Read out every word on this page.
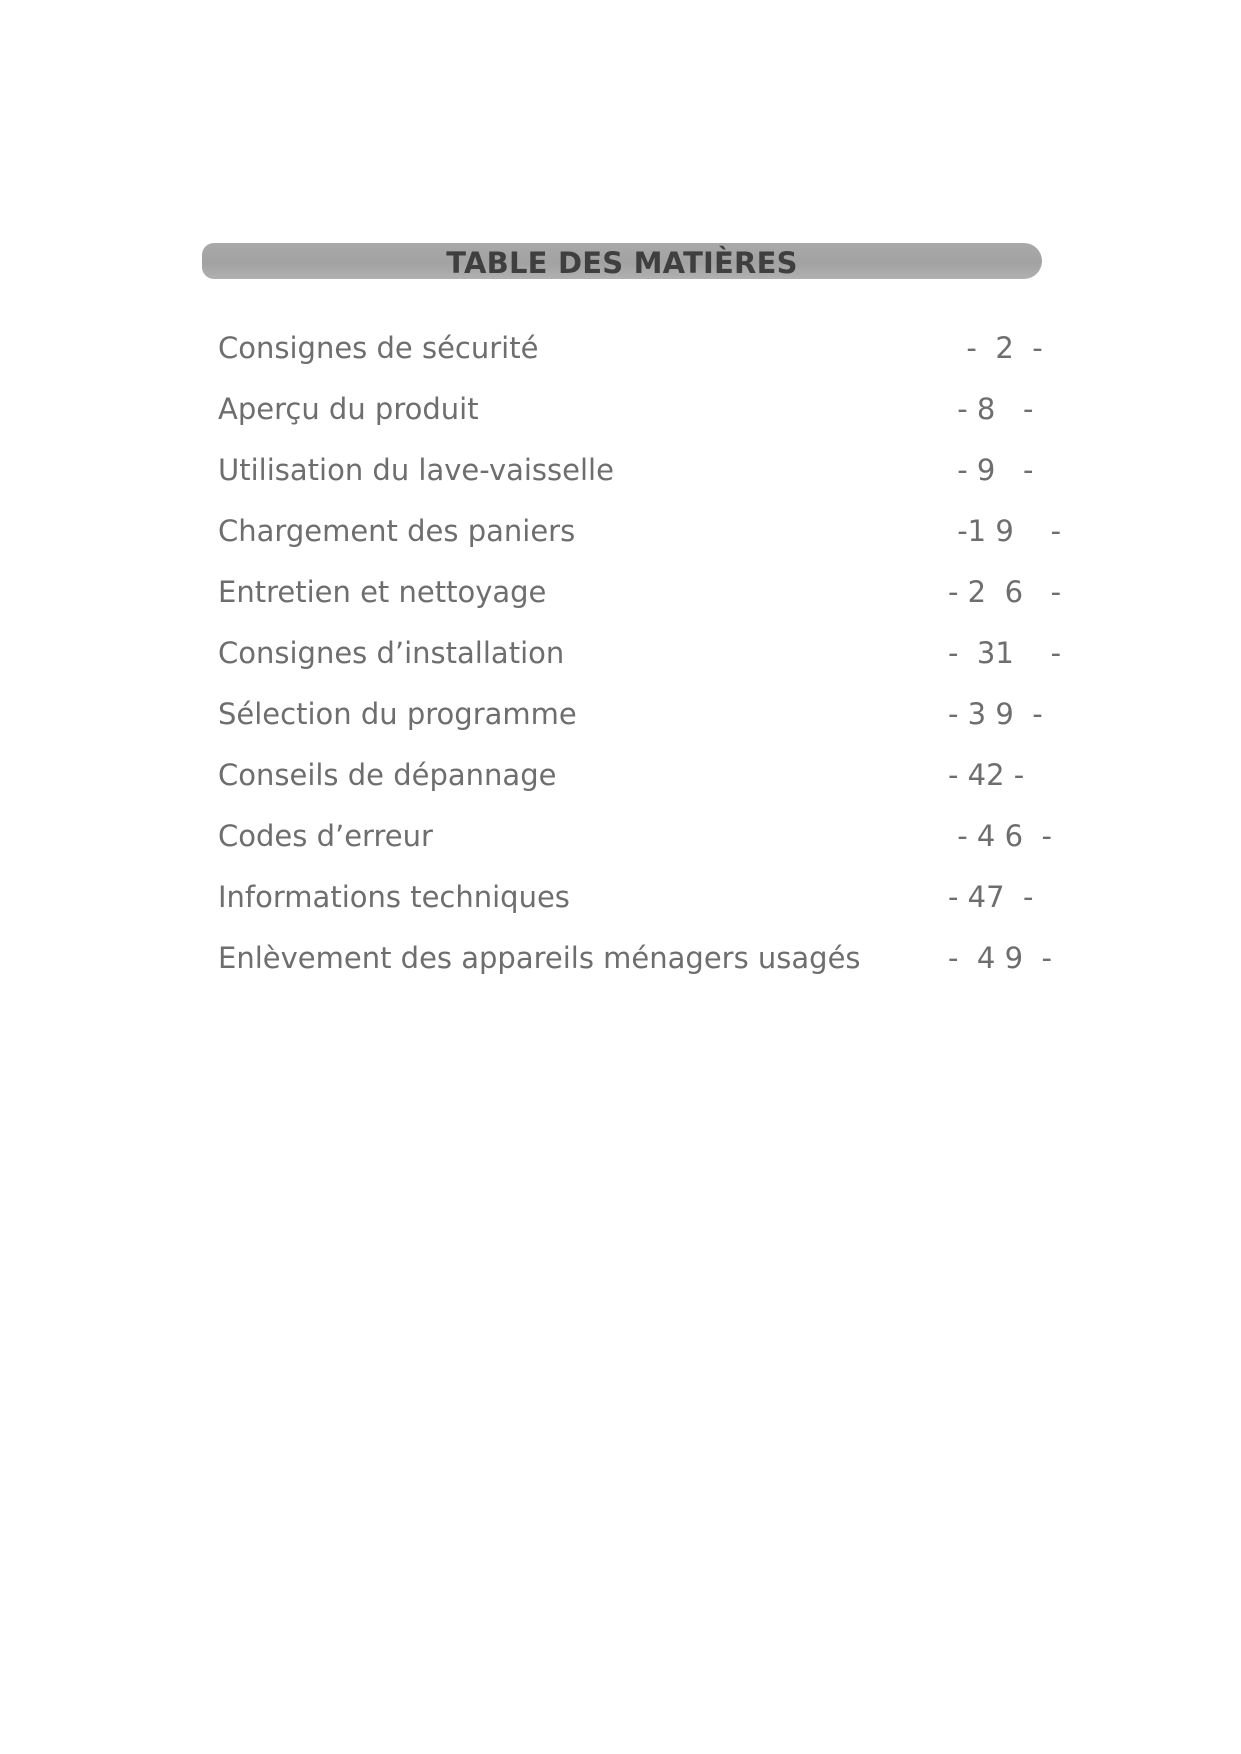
TABLE DES MATIÈRES
Consignes de sécurité	-  2  -
Aperçu du produit	- 8   -
Utilisation du lave-vaisselle	- 9   -
Chargement des paniers	-1 9    -
Entretien et nettoyage	- 2  6   -
Consignes d’installation	-  31    -
Sélection du programme	- 3 9  -
Conseils de dépannage	- 42 -
Codes d’erreur	- 4 6  -
Informations techniques	- 47  -
Enlèvement des appareils ménagers usagés	-  4 9  -
